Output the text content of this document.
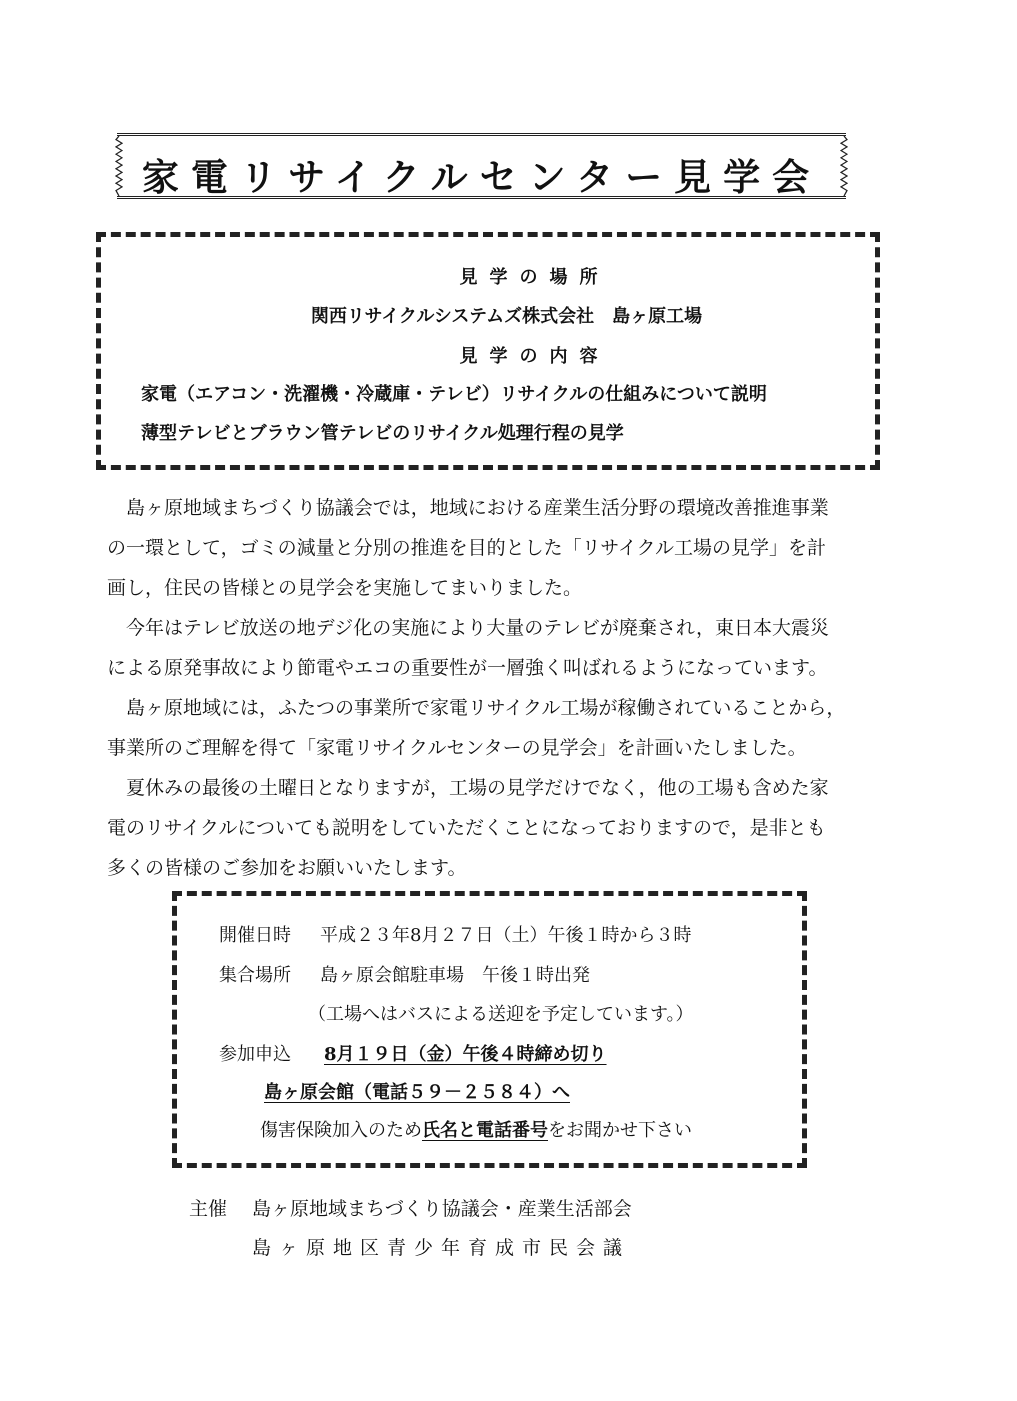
家電リサイクルセンター見学会
見学の場所
関西リサイクルシステムズ株式会社　島ヶ原工場
見学の内容
家電（エアコン・洗濯機・冷蔵庫・テレビ）リサイクルの仕組みについて説明
薄型テレビとブラウン管テレビのリサイクル処理行程の見学
　島ヶ原地域まちづくり協議会では，地域における産業生活分野の環境改善推進事業
の一環として，ゴミの減量と分別の推進を目的とした「リサイクル工場の見学」を計
画し，住民の皆様との見学会を実施してまいりました。
　今年はテレビ放送の地デジ化の実施により大量のテレビが廃棄され，東日本大震災
による原発事故により節電やエコの重要性が一層強く叫ばれるようになっています。
　島ヶ原地域には，ふたつの事業所で家電リサイクル工場が稼働されていることから，
事業所のご理解を得て「家電リサイクルセンターの見学会」を計画いたしました。
　夏休みの最後の土曜日となりますが，工場の見学だけでなく，他の工場も含めた家
電のリサイクルについても説明をしていただくことになっておりますので，是非とも
多くの皆様のご参加をお願いいたします。
開催日時 平成２３年8月２７日（土）午後１時から３時
集合場所 島ヶ原会館駐車場　午後１時出発
（工場へはバスによる送迎を予定しています。）
参加申込 8月１９日（金）午後４時締め切り
島ヶ原会館（電話５９－２５８４）へ
傷害保険加入のため氏名と電話番号をお聞かせ下さい
主催 島ヶ原地域まちづくり協議会・産業生活部会
島ヶ原地区青少年育成市民会議
